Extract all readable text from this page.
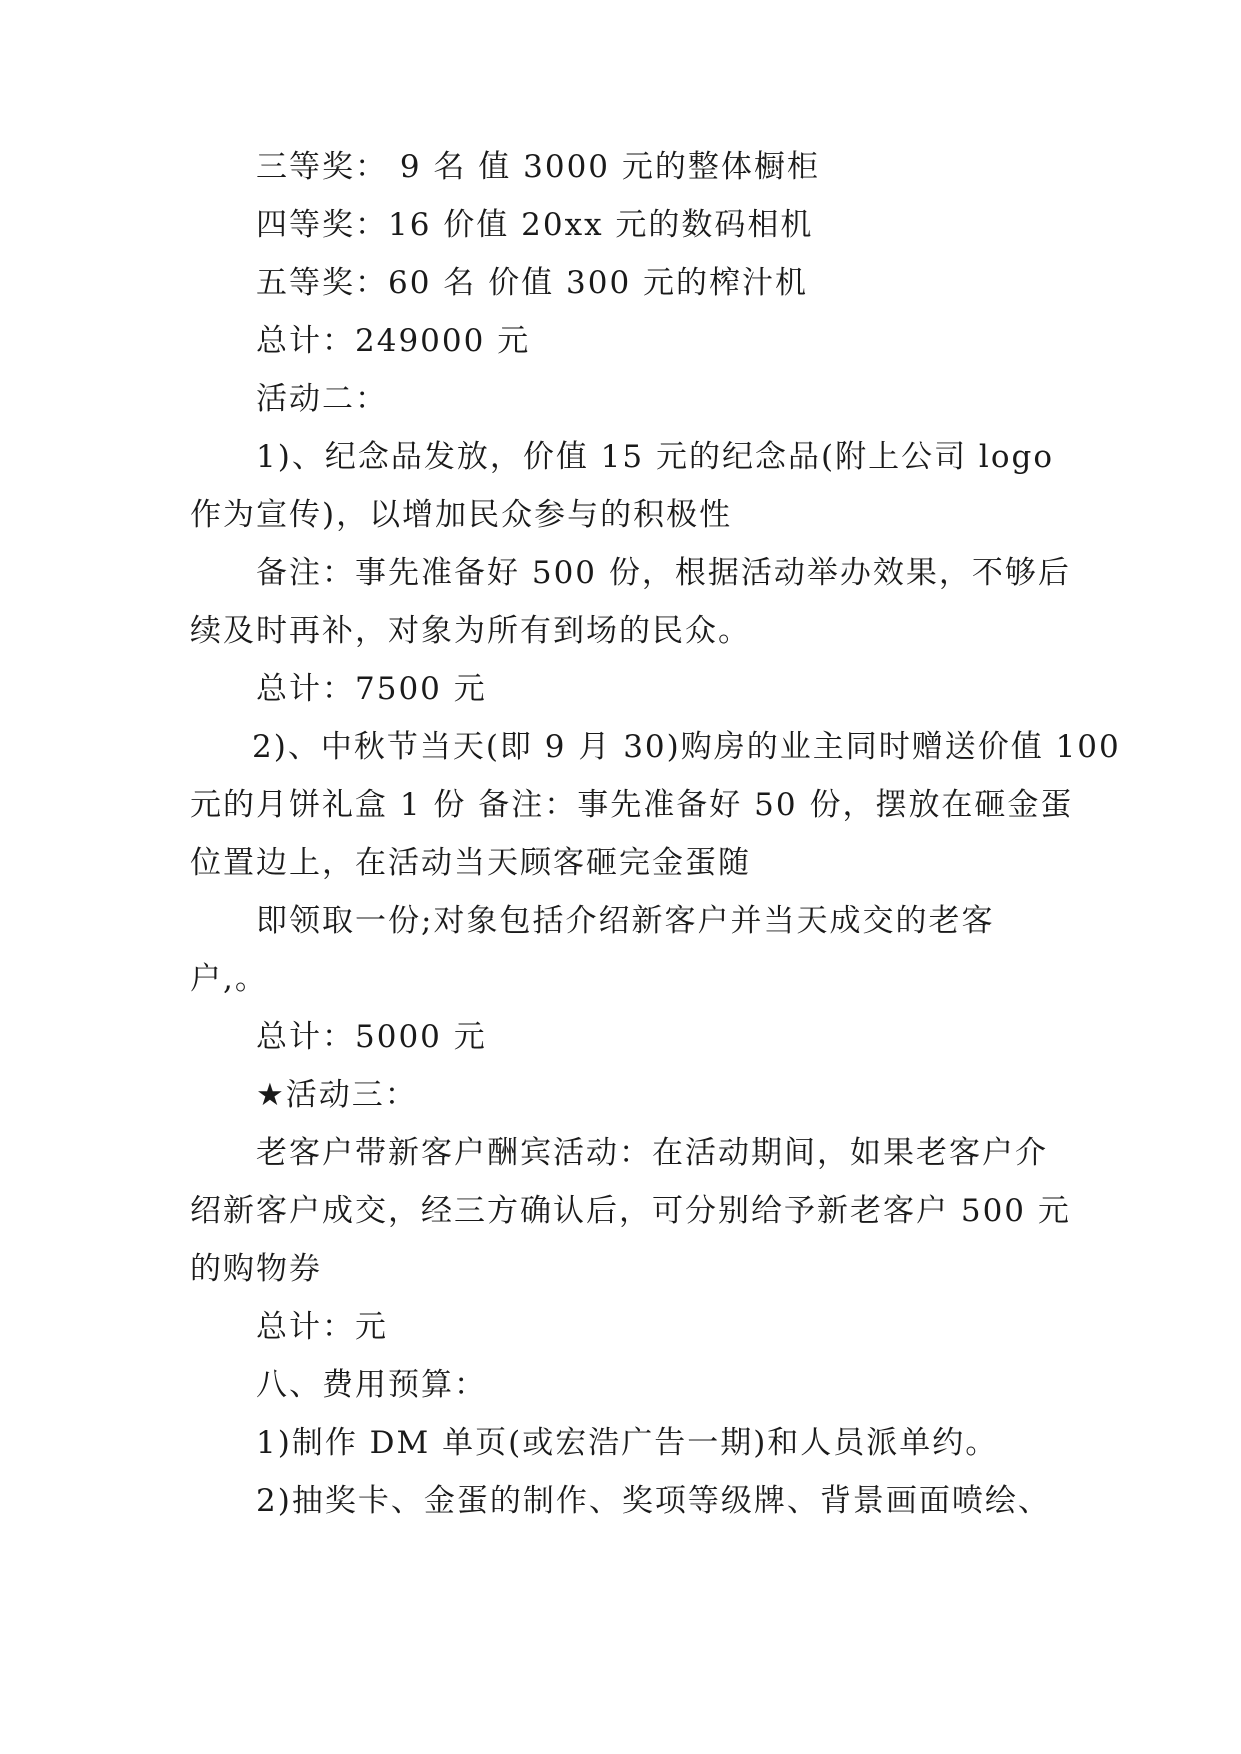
三等奖： 9 名 值 3000 元的整体橱柜
四等奖：16 价值 20xx 元的数码相机
五等奖：60 名 价值 300 元的榨汁机
总计：249000 元
活动二：
1)、纪念品发放，价值 15 元的纪念品(附上公司 logo
作为宣传)，以增加民众参与的积极性
备注：事先准备好 500 份，根据活动举办效果，不够后
续及时再补，对象为所有到场的民众。
总计：7500 元
2)、中秋节当天(即 9 月 30)购房的业主同时赠送价值 100
元的月饼礼盒 1 份 备注：事先准备好 50 份，摆放在砸金蛋
位置边上，在活动当天顾客砸完金蛋随
即领取一份;对象包括介绍新客户并当天成交的老客
户,。
总计：5000 元
★活动三：
老客户带新客户酬宾活动：在活动期间，如果老客户介
绍新客户成交，经三方确认后，可分别给予新老客户 500 元
的购物券
总计：元
八、费用预算：
1)制作 DM 单页(或宏浩广告一期)和人员派单约。
2)抽奖卡、金蛋的制作、奖项等级牌、背景画面喷绘、
